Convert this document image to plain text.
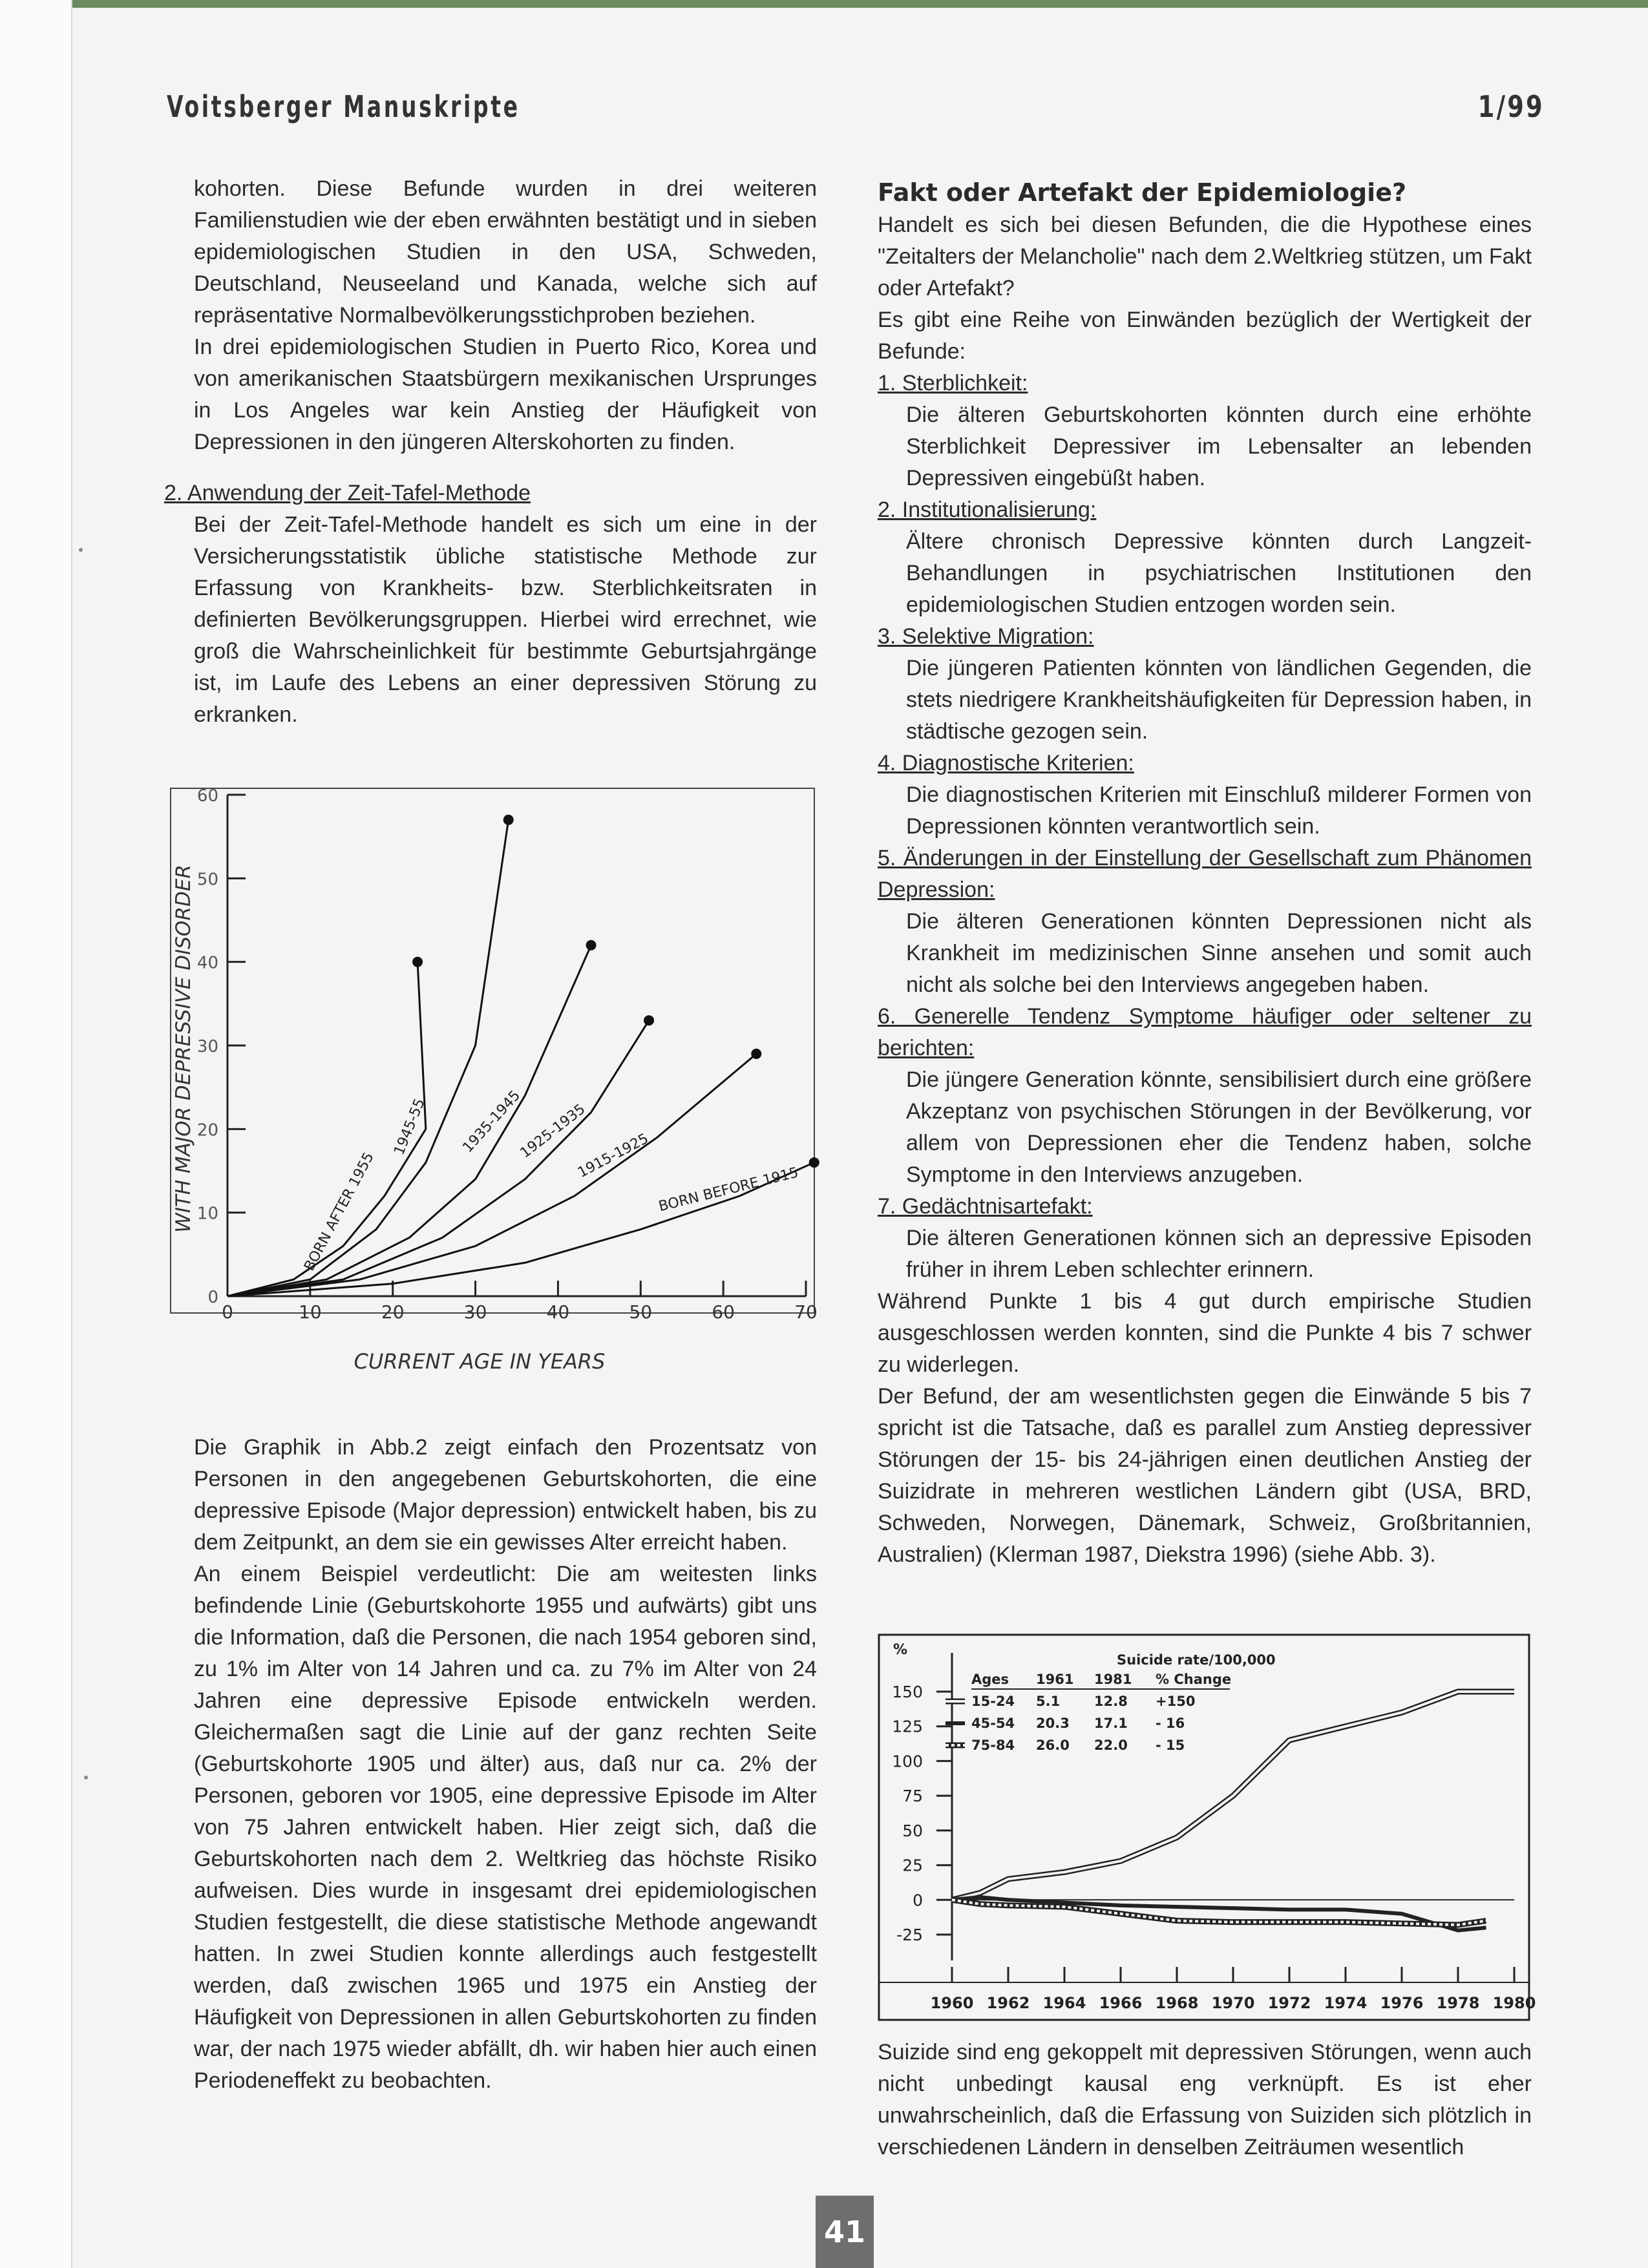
Voitsberger Manuskripte	1/99

kohorten. Diese Befunde wurden in drei weiteren Familienstudien wie der eben erwähnten bestätigt und in sieben epidemiologischen Studien in den USA, Schweden, Deutschland, Neuseeland und Kanada, welche sich auf repräsentative Normalbevölkerungsstichproben beziehen.

In drei epidemiologischen Studien in Puerto Rico, Korea und von amerikanischen Staatsbürgern mexikanischen Ursprunges in Los Angeles war kein Anstieg der Häufigkeit von Depressionen in den jüngeren Alterskohorten zu finden.

2. Anwendung der Zeit-Tafel-Methode

Bei der Zeit-Tafel-Methode handelt es sich um eine in der Versicherungsstatistik übliche statistische Methode zur Erfassung von Krankheits- bzw. Sterblichkeitsraten in definierten Bevölkerungsgruppen. Hierbei wird errechnet, wie groß die Wahrscheinlichkeit für bestimmte Geburtsjahrgänge ist, im Laufe des Lebens an einer depressiven Störung zu erkranken.

0
10
20
30
40
50
60
0	10	20	30	40	50	60	70
BORN AFTER 1955
1945-55 1935-1945
1925-1935
1915-1925
BORN BEFORE 1915
CURRENT AGE IN YEARS
WITH MAJOR DEPRESSIVE DISORDER

Die Graphik in Abb.2 zeigt einfach den Prozentsatz von Personen in den angegebenen Geburtskohorten, die eine depressive Episode (Major depression) entwickelt haben, bis zu dem Zeitpunkt, an dem sie ein gewisses Alter erreicht haben.

An einem Beispiel verdeutlicht: Die am weitesten links befindende Linie (Geburtskohorte 1955 und aufwärts) gibt uns die Information, daß die Personen, die nach 1954 geboren sind, zu 1% im Alter von 14 Jahren und ca. zu 7% im Alter von 24 Jahren eine depressive Episode entwickeln werden. Gleichermaßen sagt die Linie auf der ganz rechten Seite (Geburtskohorte 1905 und älter) aus, daß nur ca. 2% der Personen, geboren vor 1905, eine depressive Episode im Alter von 75 Jahren entwickelt haben. Hier zeigt sich, daß die Geburtskohorten nach dem 2. Weltkrieg das höchste Risiko aufweisen. Dies wurde in insgesamt drei epidemiologischen Studien festgestellt, die diese statistische Methode angewandt hatten. In zwei Studien konnte allerdings auch festgestellt werden, daß zwischen 1965 und 1975 ein Anstieg der Häufigkeit von Depressionen in allen Geburtskohorten zu finden war, der nach 1975 wieder abfällt, dh. wir haben hier auch einen Periodeneffekt zu beobachten.

Fakt oder Artefakt der Epidemiologie?

Handelt es sich bei diesen Befunden, die die Hypothese eines "Zeitalters der Melancholie" nach dem 2.Weltkrieg stützen, um Fakt oder Artefakt?

Es gibt eine Reihe von Einwänden bezüglich der Wertigkeit der Befunde:

1. Sterblichkeit:

Die älteren Geburtskohorten könnten durch eine erhöhte Sterblichkeit Depressiver im Lebensalter an lebenden Depressiven eingebüßt haben.

2. Institutionalisierung:

Ältere chronisch Depressive könnten durch Langzeit-Behandlungen in psychiatrischen Institutionen den epidemiologischen Studien entzogen worden sein.

3. Selektive Migration:

Die jüngeren Patienten könnten von ländlichen Gegenden, die stets niedrigere Krankheitshäufigkeiten für Depression haben, in städtische gezogen sein.

4. Diagnostische Kriterien:

Die diagnostischen Kriterien mit Einschluß milderer Formen von Depressionen könnten verantwortlich sein.

5. Änderungen in der Einstellung der Gesellschaft zum Phänomen Depression:

Die älteren Generationen könnten Depressionen nicht als Krankheit im medizinischen Sinne ansehen und somit auch nicht als solche bei den Interviews angegeben haben.

6. Generelle Tendenz Symptome häufiger oder seltener zu berichten:

Die jüngere Generation könnte, sensibilisiert durch eine größere Akzeptanz von psychischen Störungen in der Bevölkerung, vor allem von Depressionen eher die Tendenz haben, solche Symptome in den Interviews anzugeben.

7. Gedächtnisartefakt:

Die älteren Generationen können sich an depressive Episoden früher in ihrem Leben schlechter erinnern.

Während Punkte 1 bis 4 gut durch empirische Studien ausgeschlossen werden konnten, sind die Punkte 4 bis 7 schwer zu widerlegen.

Der Befund, der am wesentlichsten gegen die Einwände 5 bis 7 spricht ist die Tatsache, daß es parallel zum Anstieg depressiver Störungen der 15- bis 24-jährigen einen deutlichen Anstieg der Suizidrate in mehreren westlichen Ländern gibt (USA, BRD, Schweden, Norwegen, Dänemark, Schweiz, Großbritannien, Australien) (Klerman 1987, Diekstra 1996) (siehe Abb. 3).

%
150
125
100
75
50
25
0
-25
1960 1962 1964 1966 1968 1970 1972 1974 1976 1978 1980
Suicide rate/100,000
Ages 1961 1981 % Change
15-24 5.1	12.8 +150
45-54 20.3 17.1 - 16
75-84 26.0 22.0 - 15

Suizide sind eng gekoppelt mit depressiven Störungen, wenn auch nicht unbedingt kausal eng verknüpft. Es ist eher unwahrscheinlich, daß die Erfassung von Suiziden sich plötzlich in verschiedenen Ländern in denselben Zeiträumen wesentlich

41
